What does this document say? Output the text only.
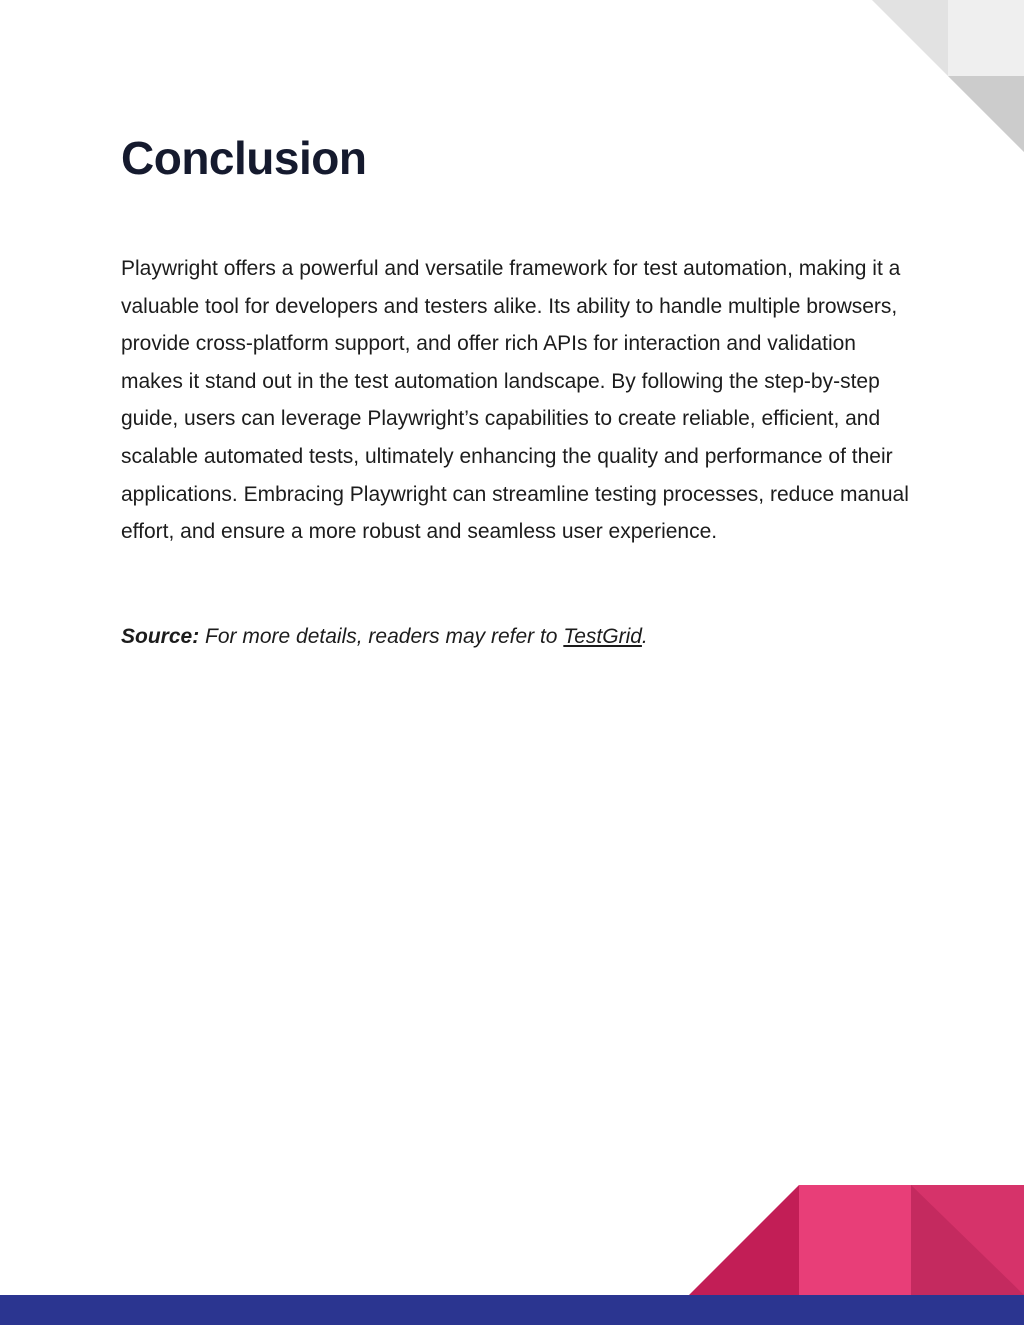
Conclusion

Playwright offers a powerful and versatile framework for test automation, making it a valuable tool for developers and testers alike. Its ability to handle multiple browsers, provide cross-platform support, and offer rich APIs for interaction and validation makes it stand out in the test automation landscape. By following the step-by-step guide, users can leverage Playwright’s capabilities to create reliable, efficient, and scalable automated tests, ultimately enhancing the quality and performance of their applications. Embracing Playwright can streamline testing processes, reduce manual effort, and ensure a more robust and seamless user experience.

Source: For more details, readers may refer to TestGrid.
